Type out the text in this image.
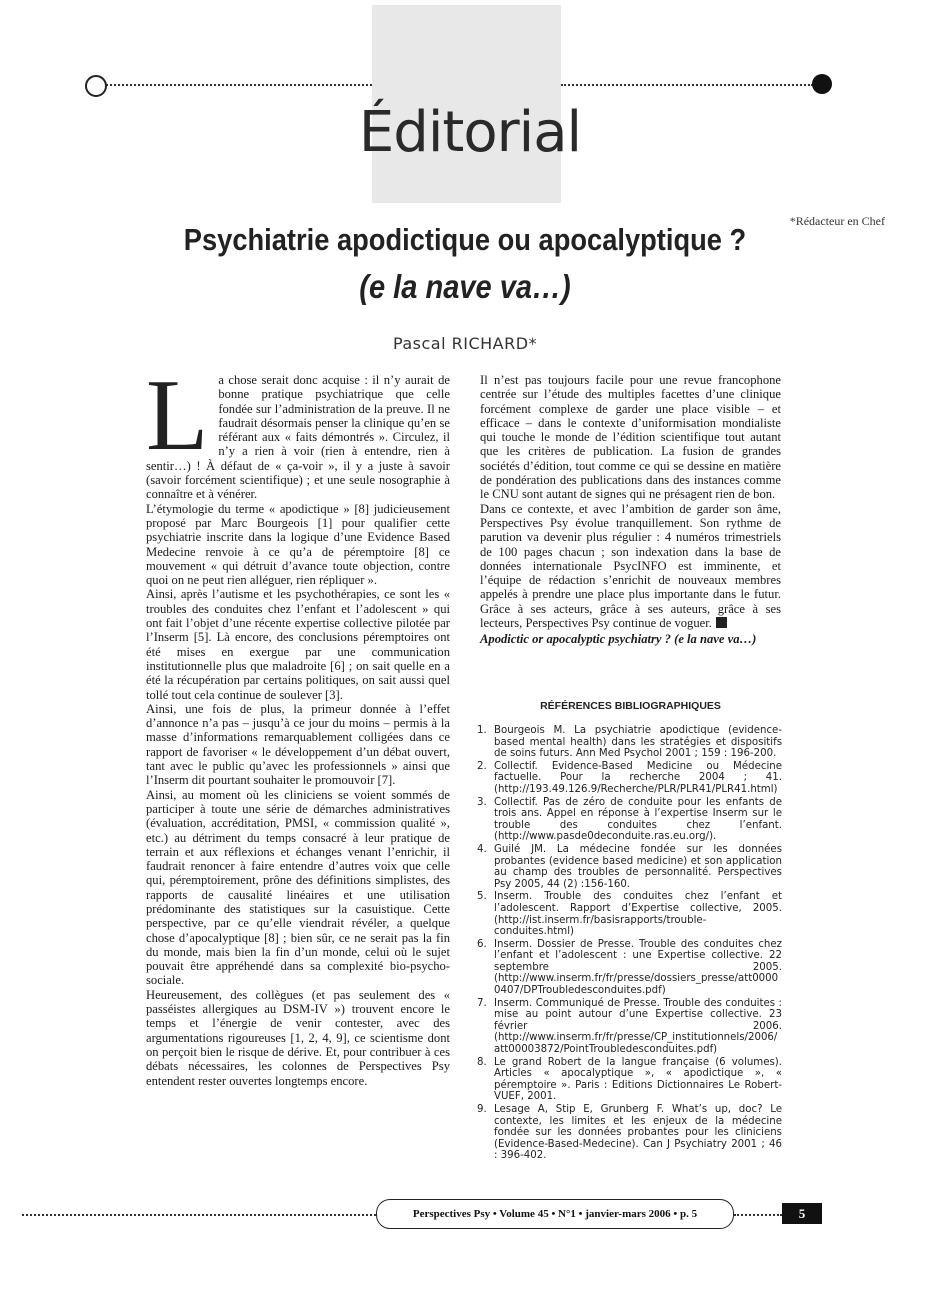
Éditorial
*Rédacteur en Chef
Psychiatrie apodictique ou apocalyptique ?
(e la nave va…)
Pascal RICHARD*
L a chose serait donc acquise : il n’y aurait de bonne pratique psychiatrique que celle fondée sur l’administration de la preuve. Il ne faudrait désormais penser la clinique qu’en se référant aux « faits démontrés ». Circulez, il n’y a rien à voir (rien à entendre, rien à sentir…) ! À défaut de « ça-voir », il y a juste à savoir (savoir forcément scientifique) ; et une seule nosographie à connaître et à vénérer.

L’étymologie du terme « apodictique » [8] judicieusement proposé par Marc Bourgeois [1] pour qualifier cette psychiatrie inscrite dans la logique d’une Evidence Based Medecine renvoie à ce qu’a de péremptoire [8] ce mouvement « qui détruit d’avance toute objection, contre quoi on ne peut rien alléguer, rien répliquer ».

Ainsi, après l’autisme et les psychothérapies, ce sont les « troubles des conduites chez l’enfant et l’adolescent » qui ont fait l’objet d’une récente expertise collective pilotée par l’Inserm [5]. Là encore, des conclusions péremptoires ont été mises en exergue par une communication institutionnelle plus que maladroite [6] ; on sait quelle en a été la récupération par certains politiques, on sait aussi quel tollé tout cela continue de soulever [3].

Ainsi, une fois de plus, la primeur donnée à l’effet d’annonce n’a pas – jusqu’à ce jour du moins – permis à la masse d’informations remarquablement colligées dans ce rapport de favoriser « le développement d’un débat ouvert, tant avec le public qu’avec les professionnels » ainsi que l’Inserm dit pourtant souhaiter le promouvoir [7].

Ainsi, au moment où les cliniciens se voient sommés de participer à toute une série de démarches administratives (évaluation, accréditation, PMSI, « commission qualité », etc.) au détriment du temps consacré à leur pratique de terrain et aux réflexions et échanges venant l’enrichir, il faudrait renoncer à faire entendre d’autres voix que celle qui, péremptoirement, prône des définitions simplistes, des rapports de causalité linéaires et une utilisation prédominante des statistiques sur la casuistique. Cette perspective, par ce qu’elle viendrait révéler, a quelque chose d’apocalyptique [8] ; bien sûr, ce ne serait pas la fin du monde, mais bien la fin d’un monde, celui où le sujet pouvait être appréhendé dans sa complexité bio-psycho-sociale.

Heureusement, des collègues (et pas seulement des « passéistes allergiques au DSM-IV ») trouvent encore le temps et l’énergie de venir contester, avec des argumentations rigoureuses [1, 2, 4, 9], ce scientisme dont on perçoit bien le risque de dérive. Et, pour contribuer à ces débats nécessaires, les colonnes de Perspectives Psy entendent rester ouvertes longtemps encore.

Il n’est pas toujours facile pour une revue francophone centrée sur l’étude des multiples facettes d’une clinique forcément complexe de garder une place visible – et efficace – dans le contexte d’uniformisation mondialiste qui touche le monde de l’édition scientifique tout autant que les critères de publication. La fusion de grandes sociétés d’édition, tout comme ce qui se dessine en matière de pondération des publications dans des instances comme le CNU sont autant de signes qui ne présagent rien de bon.

Dans ce contexte, et avec l’ambition de garder son âme, Perspectives Psy évolue tranquillement. Son rythme de parution va devenir plus régulier : 4 numéros trimestriels de 100 pages chacun ; son indexation dans la base de données internationale PsycINFO est imminente, et l’équipe de rédaction s’enrichit de nouveaux membres appelés à prendre une place plus importante dans le futur. Grâce à ses acteurs, grâce à ses auteurs, grâce à ses lecteurs, Perspectives Psy continue de voguer.

Apodictic or apocalyptic psychiatry ? (e la nave va…)

RÉFÉRENCES BIBLIOGRAPHIQUES
1. Bourgeois M. La psychiatrie apodictique (evidence-based mental health) dans les stratégies et dispositifs de soins futurs. Ann Med Psychol 2001 ; 159 : 196-200.
2. Collectif. Evidence-Based Medicine ou Médecine factuelle. Pour la recherche 2004 ; 41. (http://193.49.126.9/Recherche/PLR/PLR41/PLR41.html)
3. Collectif. Pas de zéro de conduite pour les enfants de trois ans. Appel en réponse à l’expertise Inserm sur le trouble des conduites chez l’enfant. (http://www.pasde0deconduite.ras.eu.org/).
4. Guilé JM. La médecine fondée sur les données probantes (evidence based medicine) et son application au champ des troubles de personnalité. Perspectives Psy 2005, 44 (2) :156-160.
5. Inserm. Trouble des conduites chez l’enfant et l’adolescent. Rapport d’Expertise collective, 2005. (http://ist.inserm.fr/basisrapports/trouble-conduites.html)
6. Inserm. Dossier de Presse. Trouble des conduites chez l’enfant et l’adolescent : une Expertise collective. 22 septembre 2005. (http://www.inserm.fr/fr/presse/dossiers_presse/att00000407/DPTroubledesconduites.pdf)
7. Inserm. Communiqué de Presse. Trouble des conduites : mise au point autour d’une Expertise collective. 23 février 2006. (http://www.inserm.fr/fr/presse/CP_institutionnels/2006/att00003872/PointTroubledesconduites.pdf)
8. Le grand Robert de la langue française (6 volumes). Articles « apocalyptique », « apodictique », « péremptoire ». Paris : Editions Dictionnaires Le Robert-VUEF, 2001.
9. Lesage A, Stip E, Grunberg F. What’s up, doc? Le contexte, les limites et les enjeux de la médecine fondée sur les données probantes pour les cliniciens (Evidence-Based-Medecine). Can J Psychiatry 2001 ; 46 : 396-402.
Perspectives Psy • Volume 45 • N°1 • janvier-mars 2006 • p. 5	5
